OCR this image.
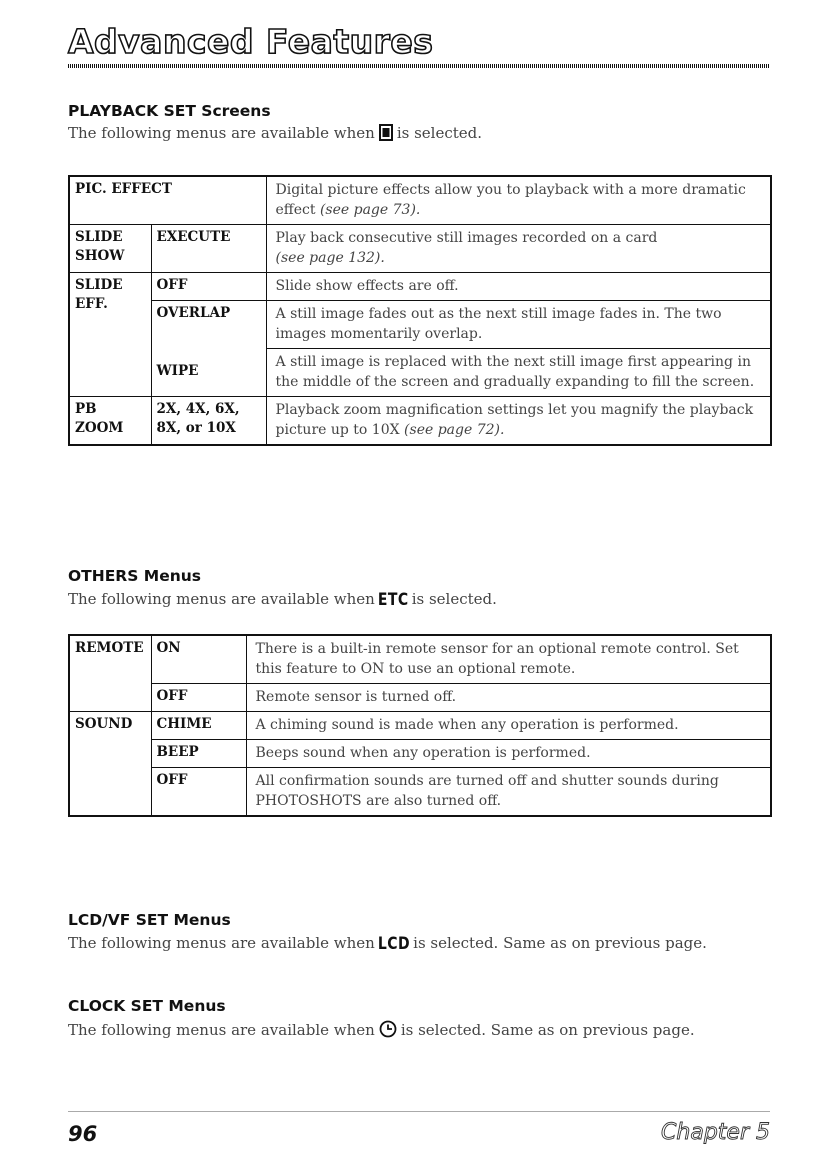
Advanced Features
PLAYBACK SET Screens
The following menus are available when is selected.
PIC. EFFECT		Digital picture effects allow you to playback with a more dramatic effect (see page 73).
SLIDE SHOW	EXECUTE	Play back consecutive still images recorded on a card
(see page 132).
SLIDE EFF.	OFF	Slide show effects are off.
	OVERLAP	A still image fades out as the next still image fades in. The two images momentarily overlap.
	WIPE	A still image is replaced with the next still image first appearing in the middle of the screen and gradually expanding to fill the screen.
PB ZOOM	2X, 4X, 6X, 8X, or 10X	Playback zoom magnification settings let you magnify the playback picture up to 10X (see page 72).
OTHERS Menus
The following menus are available when ETC is selected.
REMOTE	ON	There is a built-in remote sensor for an optional remote control. Set this feature to ON to use an optional remote.
	OFF	Remote sensor is turned off.
SOUND	CHIME	A chiming sound is made when any operation is performed.
	BEEP	Beeps sound when any operation is performed.
	OFF	All confirmation sounds are turned off and shutter sounds during PHOTOSHOTS are also turned off.
LCD/VF SET Menus
The following menus are available when LCD is selected. Same as on previous page.
CLOCK SET Menus
The following menus are available when is selected. Same as on previous page.
96	Chapter 5
